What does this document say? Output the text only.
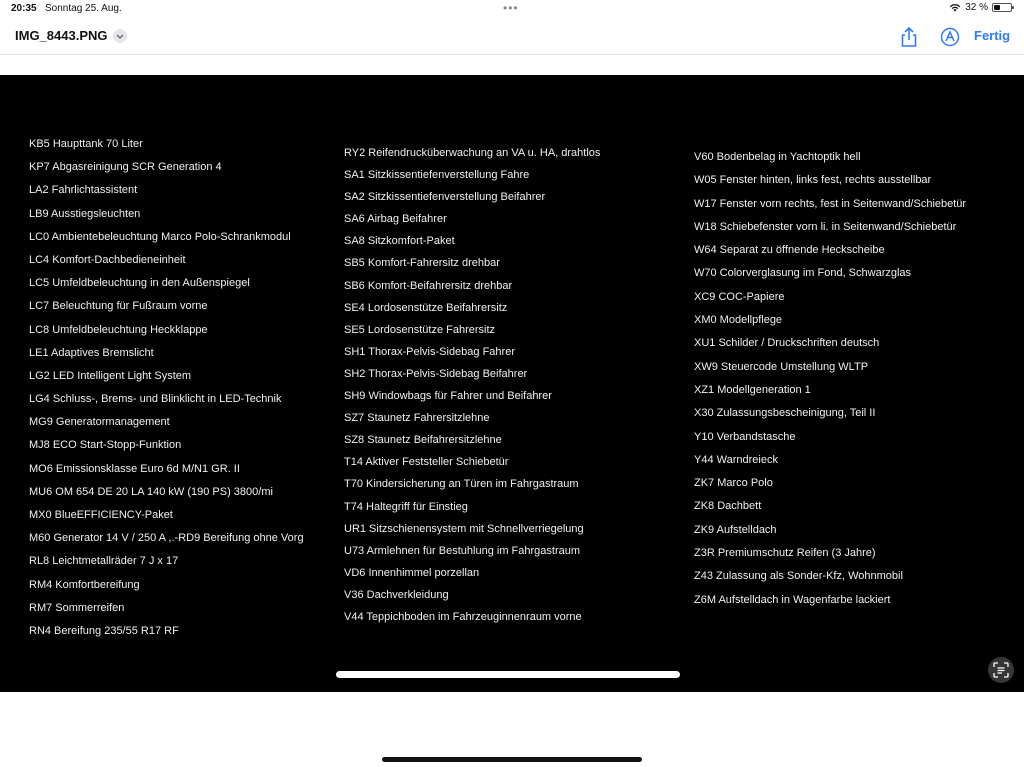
20:35 Sonntag 25. Aug.	•••	32 %
IMG_8443.PNG	Fertig
KB5 Haupttank 70 Liter
KP7 Abgasreinigung SCR Generation 4
LA2 Fahrlichtassistent
LB9 Ausstiegsleuchten
LC0 Ambientebeleuchtung Marco Polo-Schrankmodul
LC4 Komfort-Dachbedieneinheit
LC5 Umfeldbeleuchtung in den Außenspiegel
LC7 Beleuchtung für Fußraum vorne
LC8 Umfeldbeleuchtung Heckklappe
LE1 Adaptives Bremslicht
LG2 LED Intelligent Light System
LG4 Schluss-, Brems- und Blinklicht in LED-Technik
MG9 Generatormanagement
MJ8 ECO Start-Stopp-Funktion
MO6 Emissionsklasse Euro 6d M/N1 GR. II
MU6 OM 654 DE 20 LA 140 kW (190 PS) 3800/mi
MX0 BlueEFFICIENCY-Paket
M60 Generator 14 V / 250 A ,.-RD9 Bereifung ohne Vorg
RL8 Leichtmetallräder 7 J x 17
RM4 Komfortbereifung
RM7 Sommerreifen
RN4 Bereifung 235/55 R17 RF
RY2 Reifendrucküberwachung an VA u. HA, drahtlos
SA1 Sitzkissentiefenverstellung Fahre
SA2 Sitzkissentiefenverstellung Beifahrer
SA6 Airbag Beifahrer
SA8 Sitzkomfort-Paket
SB5 Komfort-Fahrersitz drehbar
SB6 Komfort-Beifahrersitz drehbar
SE4 Lordosenstütze Beifahrersitz
SE5 Lordosenstütze Fahrersitz
SH1 Thorax-Pelvis-Sidebag Fahrer
SH2 Thorax-Pelvis-Sidebag Beifahrer
SH9 Windowbags für Fahrer und Beifahrer
SZ7 Staunetz Fahrersitzlehne
SZ8 Staunetz Beifahrersitzlehne
T14 Aktiver Feststeller Schiebetür
T70 Kindersicherung an Türen im Fahrgastraum
T74 Haltegriff für Einstieg
UR1 Sitzschienensystem mit Schnellverriegelung
U73 Armlehnen für Bestuhlung im Fahrgastraum
VD6 Innenhimmel porzellan
V36 Dachverkleidung
V44 Teppichboden im Fahrzeuginnenraum vorne
V60 Bodenbelag in Yachtoptik hell
W05 Fenster hinten, links fest, rechts ausstellbar
W17 Fenster vorn rechts, fest in Seitenwand/Schiebetür
W18 Schiebefenster vorn li. in Seitenwand/Schiebetür
W64 Separat zu öffnende Heckscheibe
W70 Colorverglasung im Fond, Schwarzglas
XC9 COC-Papiere
XM0 Modellpflege
XU1 Schilder / Druckschriften deutsch
XW9 Steuercode Umstellung WLTP
XZ1 Modellgeneration 1
X30 Zulassungsbescheinigung, Teil II
Y10 Verbandstasche
Y44 Warndreieck
ZK7 Marco Polo
ZK8 Dachbett
ZK9 Aufstelldach
Z3R Premiumschutz Reifen (3 Jahre)
Z43 Zulassung als Sonder-Kfz, Wohnmobil
Z6M Aufstelldach in Wagenfarbe lackiert
